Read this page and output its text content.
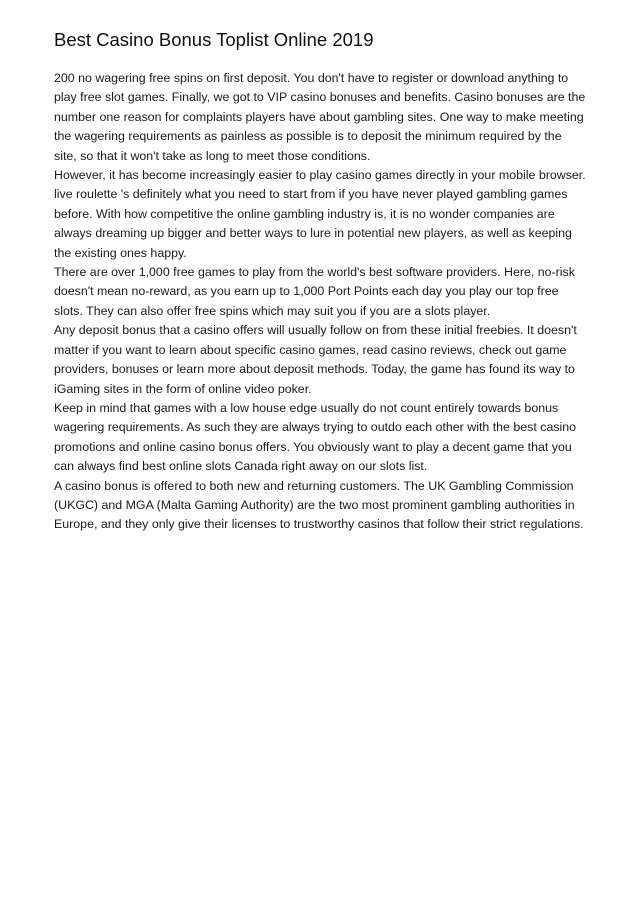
Best Casino Bonus Toplist Online 2019

200 no wagering free spins on first deposit. You don't have to register or download anything to play free slot games. Finally, we got to VIP casino bonuses and benefits. Casino bonuses are the number one reason for complaints players have about gambling sites. One way to make meeting the wagering requirements as painless as possible is to deposit the minimum required by the site, so that it won't take as long to meet those conditions.

However, it has become increasingly easier to play casino games directly in your mobile browser. live roulette 's definitely what you need to start from if you have never played gambling games before. With how competitive the online gambling industry is, it is no wonder companies are always dreaming up bigger and better ways to lure in potential new players, as well as keeping the existing ones happy.

There are over 1,000 free games to play from the world's best software providers. Here, no-risk doesn't mean no-reward, as you earn up to 1,000 Port Points each day you play our top free slots. They can also offer free spins which may suit you if you are a slots player.

Any deposit bonus that a casino offers will usually follow on from these initial freebies. It doesn't matter if you want to learn about specific casino games, read casino reviews, check out game providers, bonuses or learn more about deposit methods. Today, the game has found its way to iGaming sites in the form of online video poker.

Keep in mind that games with a low house edge usually do not count entirely towards bonus wagering requirements. As such they are always trying to outdo each other with the best casino promotions and online casino bonus offers. You obviously want to play a decent game that you can always find best online slots Canada right away on our slots list.

A casino bonus is offered to both new and returning customers. The UK Gambling Commission (UKGC) and MGA (Malta Gaming Authority) are the two most prominent gambling authorities in Europe, and they only give their licenses to trustworthy casinos that follow their strict regulations.
